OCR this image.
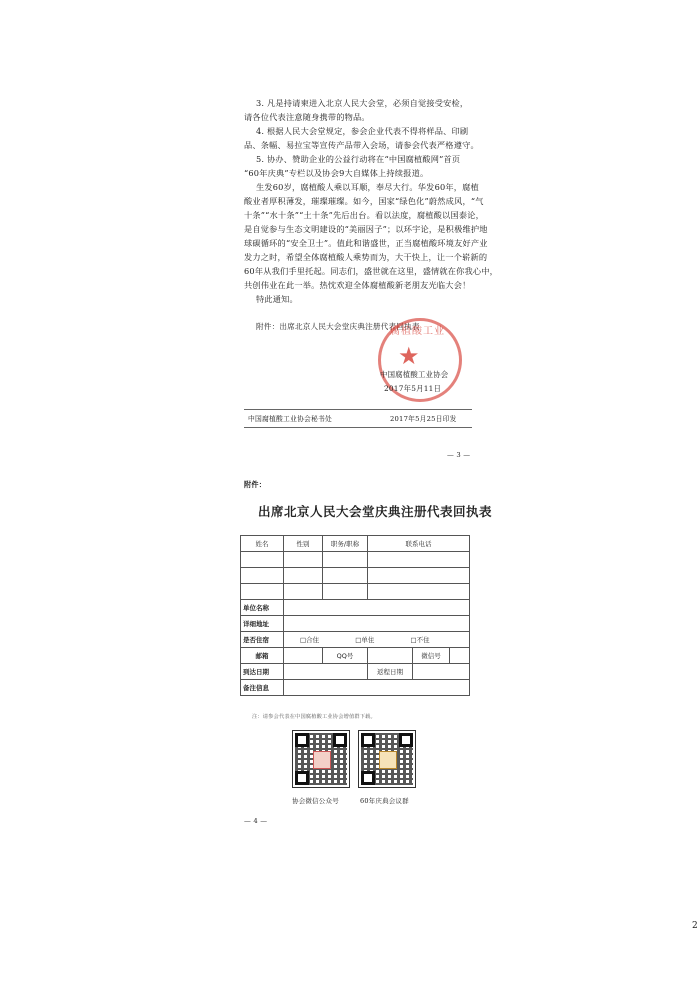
3. 凡是持请柬进入北京人民大会堂，必须自觉接受安检，
请各位代表注意随身携带的物品。
4. 根据人民大会堂规定，参会企业代表不得将样品、印刷
品、条幅、易拉宝等宣传产品带入会场，请参会代表严格遵守。
5. 协办、赞助企业的公益行动将在“中国腐植酸网”首页
“60年庆典”专栏以及协会9大自媒体上持续报道。
生发60岁，腐植酸人乘以耳顺，奉尽大行。华发60年，腐植
酸业者厚积薄发，璀璨璀璨。如今，国家“绿色化”蔚然成风，“气
十条”“水十条”“土十条”先后出台。看以法度，腐植酸以国泰论，
是自觉参与生态文明建设的“美丽因子”；以环宇论，是积极维护地
球碳循环的“安全卫士”。值此和谐盛世，正当腐植酸环境友好产业
发力之时，希望全体腐植酸人乘势而为，大干快上，让一个崭新的
60年从我们手里托起。同志们，盛世就在这里，盛情就在你我心中，
共创伟业在此一举。热忱欢迎全体腐植酸新老朋友光临大会！
特此通知。
附件：出席北京人民大会堂庆典注册代表回执表
腐植酸工业
★
中国腐植酸工业协会
2017年5月11日
中国腐植酸工业协会秘书处	2017年5月25日印发
— 3 —
附件：
出席北京人民大会堂庆典注册代表回执表
姓名	性别	职务/职称	联系电话		

单位名称					
详细地址					
是否住宿	□合住 □单住 □不住				
邮箱		QQ号		微信号	
到达日期			返程日期		
备注信息					
注：请参会代表在中国腐植酸工业协会增值群下载。
协会微信公众号	60年庆典会议群
— 4 —
2
